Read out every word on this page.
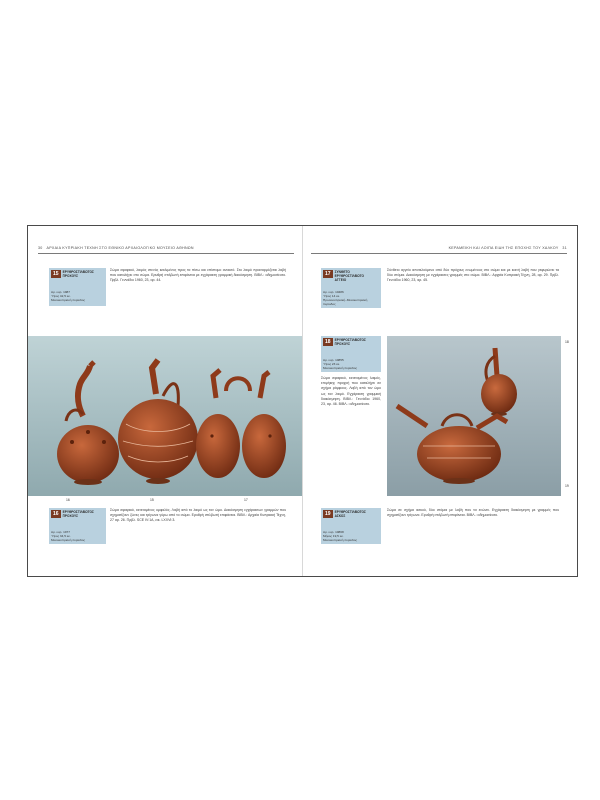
30 ΑΡΧΑΙΑ ΚΥΠΡΙΑΚΗ ΤΕΧΝΗ ΣΤΟ ΕΘΝΙΚΟ ΑΡΧΑΙΟΛΟΓΙΚΟ ΜΟΥΣΕΙΟ ΑΘΗΝΩΝ
15 ΕΡΥΘΡΟΣΤΙΛΒΩΤΟΣ ΠΡΟΧΟΥΣ
Αρ. ευρ. 1987
Ύψος 42,5 εκ.
Μεσοκυπριακή περίοδος
Σώμα σφαιρικό, λαιμός στενός κεκλιμένος προς τα πίσω και επίστομο ανοικτό. Στο λαιμό προσαρμόζεται λαβή που καταλήγει στο σώμα. Ερυθρή στιλβωτή επιφάνεια με εγχάρακτη γραμμική διακόσμηση. ΒΙΒΛ.: αδημοσίευτο. Πρβλ. Γεννάδιο 1960, 23, αρ. 44.
16	15	17
16 ΕΡΥΘΡΟΣΤΙΛΒΩΤΟΣ ΠΡΟΧΟΥΣ
Αρ. ευρ. 1977
Ύψος 34,5 εκ.
Μεσοκυπριακή περίοδος
Σώμα σφαιρικό, εκτεταμένος ομφαλός. Λαβή από το λαιμό ως τον ώμο. Διακόσμηση εγχάρακτων γραμμών που σχηματίζουν ζώνες και τρίγωνα γύρω από το σώμα. Ερυθρή στιλβωτή επιφάνεια. ΒΙΒΛ.: Αρχαία Κυπριακή Τέχνη, 27 αρ. 26. Πρβλ. SCE IV:1Α, εικ. LXXVI:3.
ΚΕΡΑΜΕΙΚΗ ΚΑΙ ΛΟΙΠΑ ΕΙΔΗ ΤΗΣ ΕΠΟΧΗΣ ΤΟΥ ΧΑΛΚΟΥ 31
17 ΣΥΝΘΕΤΟ ΕΡΥΘΡΟΣΤΙΛΒΩΤΟ ΑΓΓΕΙΟ
Αρ. ευρ. 10486
Ύψος 14 εκ.
Πρωτοκυπριακή–Μεσοκυπριακή περίοδος
Σύνθετο αγγείο αποτελούμενο από δύο πρόχους ενωμένους στο σώμα και με κοινή λαβή που γεφυρώνει τα δύο στόμια. Διακόσμηση με εγχάρακτες γραμμές στο σώμα. ΒΙΒΛ.: Αρχαία Κυπριακή Τέχνη, 28, αρ. 29. Πρβλ. Γεννάδιο 1960, 23, αρ. 45.
18 ΕΡΥΘΡΟΣΤΙΛΒΩΤΟΣ ΠΡΟΧΟΥΣ
Αρ. ευρ. 10855
Ύψος 23 εκ.
Μεσοκυπριακή περίοδος
Σώμα σφαιρικό, εκτεταμένος λαιμός, επιμήκης προχοή που καταλήγει σε σχήμα ράμφους. Λαβή από τον ώμο ως τον λαιμό. Εγχάρακτη γραμμική διακόσμηση. ΒΙΒΛ.: Γεννάδιο 1960, 23, αρ. 46. ΒΙΒΛ.: αδημοσίευτο.
18
19
19 ΕΡΥΘΡΟΣΤΙΛΒΩΤΟΣ ΑΣΚΟΣ
Αρ. ευρ. 10868
Μήκος 19,5 εκ.
Μεσοκυπριακή περίοδος
Σώμα σε σχήμα ασκού, δύο στόμια με λαβή που τα ενώνει. Εγχάρακτη διακόσμηση με γραμμές που σχηματίζουν τρίγωνα. Ερυθρή στιλβωτή επιφάνεια. ΒΙΒΛ.: αδημοσίευτο.
